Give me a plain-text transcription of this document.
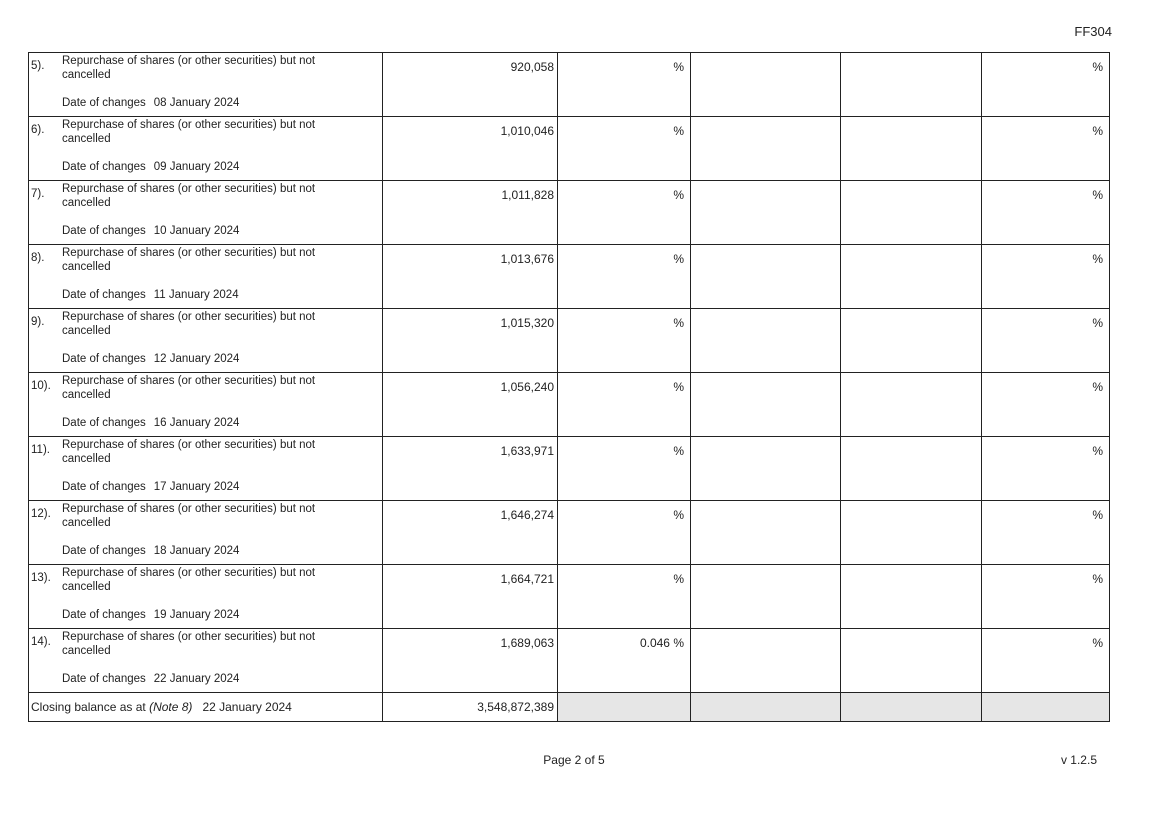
FF304
5). Repurchase of shares (or other securities) but not cancelled
Date of changes 08 January 2024	920,058	%			%

6). Repurchase of shares (or other securities) but not cancelled
Date of changes 09 January 2024	1,010,046	%			%

7). Repurchase of shares (or other securities) but not cancelled
Date of changes 10 January 2024	1,011,828	%			%

8). Repurchase of shares (or other securities) but not cancelled
Date of changes 11 January 2024	1,013,676	%			%

9). Repurchase of shares (or other securities) but not cancelled
Date of changes 12 January 2024	1,015,320	%			%

10). Repurchase of shares (or other securities) but not cancelled
Date of changes 16 January 2024	1,056,240	%			%

11). Repurchase of shares (or other securities) but not cancelled
Date of changes 17 January 2024	1,633,971	%			%

12). Repurchase of shares (or other securities) but not cancelled
Date of changes 18 January 2024	1,646,274	%			%

13). Repurchase of shares (or other securities) but not cancelled
Date of changes 19 January 2024	1,664,721	%			%

14). Repurchase of shares (or other securities) but not cancelled
Date of changes 22 January 2024	1,689,063	0.046 %			%
Closing balance as at (Note 8) 22 January 2024	3,548,872,389				
Page 2 of 5	v 1.2.5
